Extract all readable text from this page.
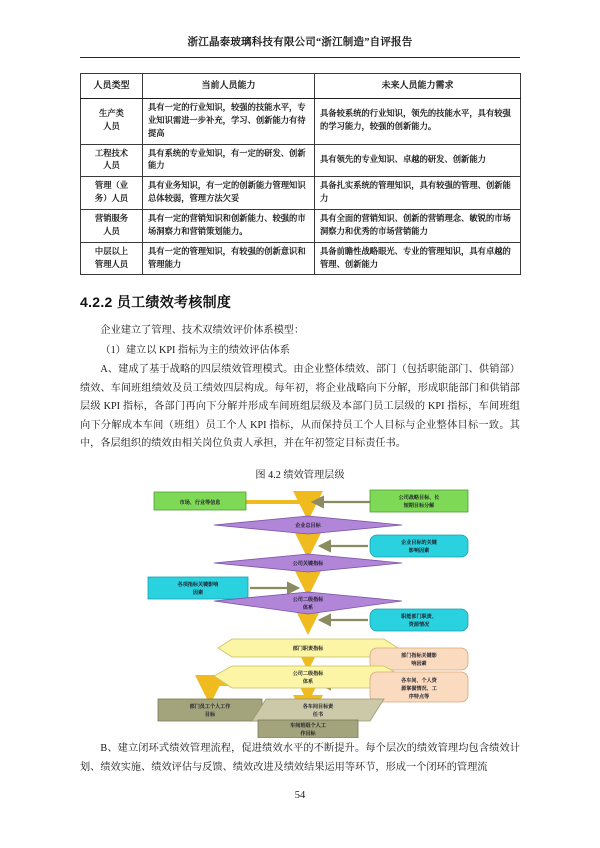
浙江晶泰玻璃科技有限公司“浙江制造”自评报告
人员类型	当前人员能力	未来人员能力需求
生产类
人员	具有一定的行业知识，较强的技能水平，专业知识需进一步补充，学习、创新能力有待提高	具备较系统的行业知识，领先的技能水平，具有较强的学习能力，较强的创新能力。
工程技术
人员	具有系统的专业知识，有一定的研发、创新能力	具有领先的专业知识、卓越的研发、创新能力
管理（业
务）人员	具有业务知识，有一定的创新能力管理知识总体较弱，管理方法欠妥	具备扎实系统的管理知识，具有较强的管理、创新能力
营销服务
人员	具有一定的营销知识和创新能力、较强的市场洞察力和营销策划能力。	具有全面的营销知识、创新的营销理念、敏锐的市场洞察力和优秀的市场营销能力
中层以上
管理人员	具有一定的管理知识，有较强的创新意识和管理能力	具备前瞻性战略眼光、专业的管理知识，具有卓越的管理、创新能力
4.2.2 员工绩效考核制度

企业建立了管理、技术双绩效评价体系模型：

（1）建立以 KPI 指标为主的绩效评估体系

A、建成了基于战略的四层绩效管理模式。由企业整体绩效、部门（包括职能部门、供销部）绩效、车间班组绩效及员工绩效四层构成。每年初，将企业战略向下分解，形成职能部门和供销部层级 KPI 指标，各部门再向下分解并形成车间班组层级及本部门员工层级的 KPI 指标，车间班组向下分解成本车间（班组）员工个人 KPI 指标，从而保持员工个人目标与企业整体目标一致。其中，各层组织的绩效由相关岗位负责人承担，并在年初签定目标责任书。

图 4.2 绩效管理层级
市场、行业等信息
公司战略目标、长
短期目标分解
企业总目标
企业目标的关键
影响因素
公司关键指标
各项指标关键影响
因素
公司二级指标
体系
职能部门职责、
资源情况
部门职责指标
部门指标关键影
响因素
公司二级指标
体系	各车间、个人资
源掌握情况、工
序特点等
部门员工个人工作
目标
各车间目标责
任书
车间班组个人工
作目标

B、建立闭环式绩效管理流程，促进绩效水平的不断提升。每个层次的绩效管理均包含绩效计划、绩效实施、绩效评估与反馈、绩效改进及绩效结果运用等环节，形成一个闭环的管理流

54
